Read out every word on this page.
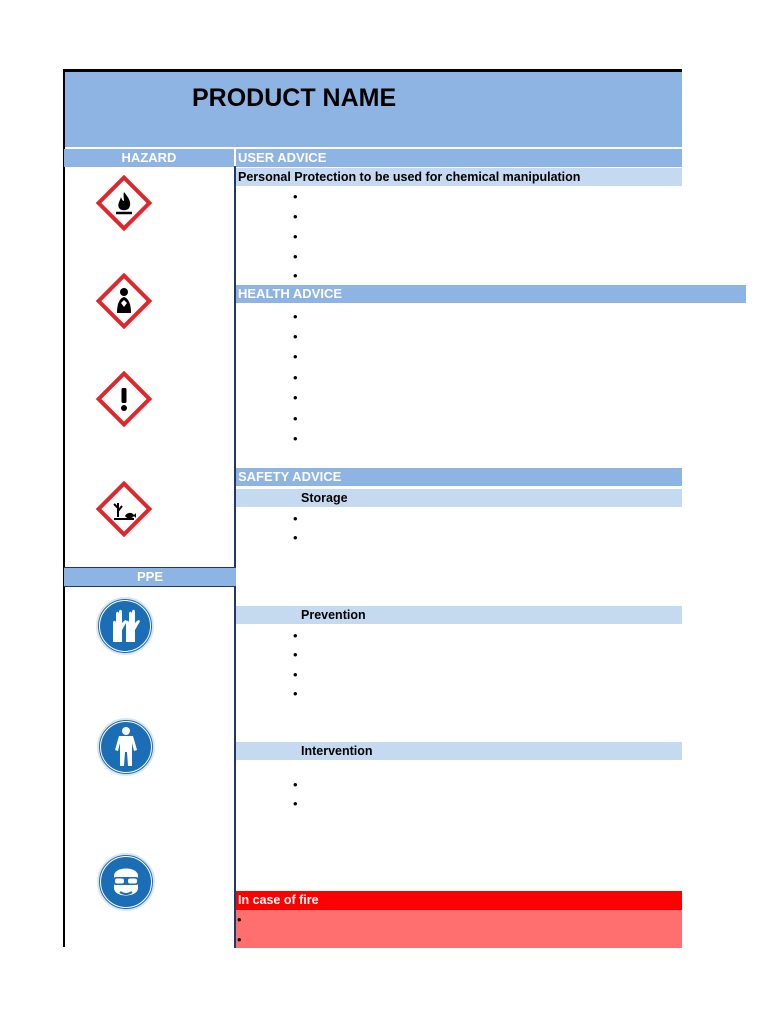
PRODUCT NAME
HAZARD
PPE
USER ADVICE
Personal Protection to be used for chemical manipulation
•
•
•
•
•
HEALTH ADVICE
•
•
•
•
•
•
•
SAFETY ADVICE
Storage
•
•
Prevention
•
•
•
•
Intervention
•
•
In case of fire
•
•
